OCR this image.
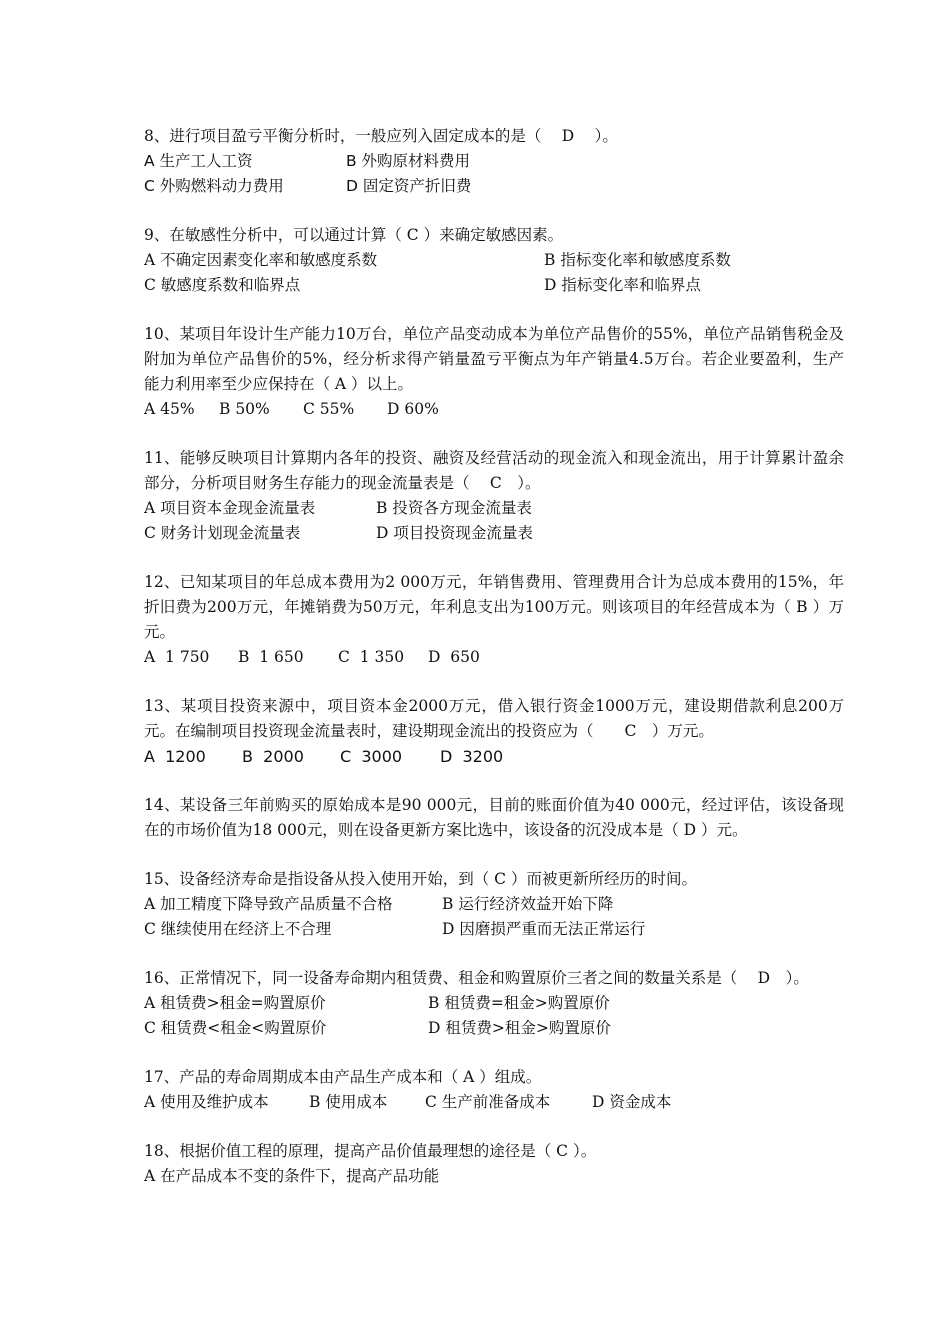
8、进行项目盈亏平衡分析时，一般应列入固定成本的是（　 D　 ）。

A 生产工人工资	B 外购原材料费用
C 外购燃料动力费用	D 固定资产折旧费

9、在敏感性分析中，可以通过计算（ C ）来确定敏感因素。

A 不确定因素变化率和敏感度系数	B 指标变化率和敏感度系数
C 敏感度系数和临界点	D 指标变化率和临界点

10、某项目年设计生产能力10万台，单位产品变动成本为单位产品售价的55%，单位产品销售税金及附加为单位产品售价的5%，经分析求得产销量盈亏平衡点为年产销量4.5万台。若企业要盈利，生产能力利用率至少应保持在（ A ）以上。

A 45%	B 50%	C 55%	D 60%

11、能够反映项目计算期内各年的投资、融资及经营活动的现金流入和现金流出，用于计算累计盈余部分，分析项目财务生存能力的现金流量表是（　 C　）。

A 项目资本金现金流量表	B 投资各方现金流量表
C 财务计划现金流量表	D 项目投资现金流量表

12、已知某项目的年总成本费用为2 000万元，年销售费用、管理费用合计为总成本费用的15%，年折旧费为200万元，年摊销费为50万元，年利息支出为100万元。则该项目的年经营成本为（ B ）万元。

A  1 750	B  1 650	C  1 350	D  650

13、某项目投资来源中，项目资本金2000万元，借入银行资金1000万元，建设期借款利息200万元。在编制项目投资现金流量表时，建设期现金流出的投资应为（　　C　）万元。

A  1200	B  2000	C  3000	D  3200

14、某设备三年前购买的原始成本是90 000元，目前的账面价值为40 000元，经过评估，该设备现在的市场价值为18 000元，则在设备更新方案比选中，该设备的沉没成本是（ D ）元。

15、设备经济寿命是指设备从投入使用开始，到（ C ）而被更新所经历的时间。

A 加工精度下降导致产品质量不合格	B 运行经济效益开始下降
C 继续使用在经济上不合理	D 因磨损严重而无法正常运行

16、正常情况下，同一设备寿命期内租赁费、租金和购置原价三者之间的数量关系是（　 D　）。

A 租赁费>租金=购置原价	B 租赁费=租金>购置原价
C 租赁费<租金<购置原价	D 租赁费>租金>购置原价

17、产品的寿命周期成本由产品生产成本和（ A ）组成。

A 使用及维护成本	B 使用成本	C 生产前准备成本	D 资金成本

18、根据价值工程的原理，提高产品价值最理想的途径是（ C ）。

A 在产品成本不变的条件下，提高产品功能
